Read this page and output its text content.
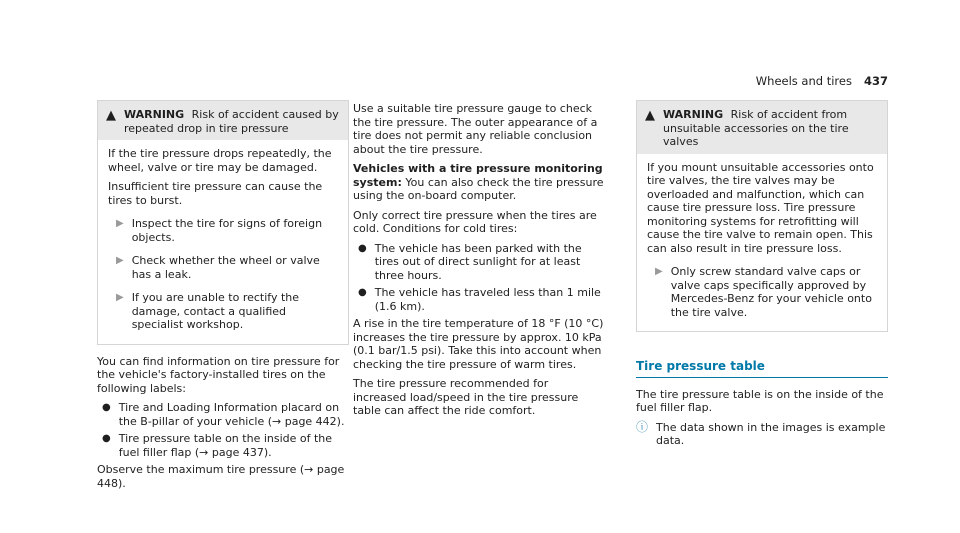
Wheels and tires 437
▲ WARNING Risk of accident caused by repeated drop in tire pressure

If the tire pressure drops repeatedly, the wheel, valve or tire may be damaged.

Insufficient tire pressure can cause the tires to burst.

▶ Inspect the tire for signs of foreign objects.
▶ Check whether the wheel or valve has a leak.
▶ If you are unable to rectify the damage, contact a qualified specialist workshop.

You can find information on tire pressure for the vehicle's factory-installed tires on the following labels:

● Tire and Loading Information placard on the B-pillar of your vehicle (→ page 442).
● Tire pressure table on the inside of the fuel filler flap (→ page 437).

Observe the maximum tire pressure (→ page 448).

Use a suitable tire pressure gauge to check the tire pressure. The outer appearance of a tire does not permit any reliable conclusion about the tire pressure.

Vehicles with a tire pressure monitoring system: You can also check the tire pressure using the on-board computer.

Only correct tire pressure when the tires are cold. Conditions for cold tires:

● The vehicle has been parked with the tires out of direct sunlight for at least three hours.
● The vehicle has traveled less than 1 mile (1.6 km).

A rise in the tire temperature of 18 °F (10 °C) increases the tire pressure by approx. 10 kPa (0.1 bar/1.5 psi). Take this into account when checking the tire pressure of warm tires.

The tire pressure recommended for increased load/speed in the tire pressure table can affect the ride comfort.

▲ WARNING Risk of accident from unsuitable accessories on the tire valves

If you mount unsuitable accessories onto tire valves, the tire valves may be overloaded and malfunction, which can cause tire pressure loss. Tire pressure monitoring systems for retrofitting will cause the tire valve to remain open. This can also result in tire pressure loss.

▶ Only screw standard valve caps or valve caps specifically approved by Mercedes-Benz for your vehicle onto the tire valve.
Tire pressure table

The tire pressure table is on the inside of the fuel filler flap.

ⓘ The data shown in the images is example data.
